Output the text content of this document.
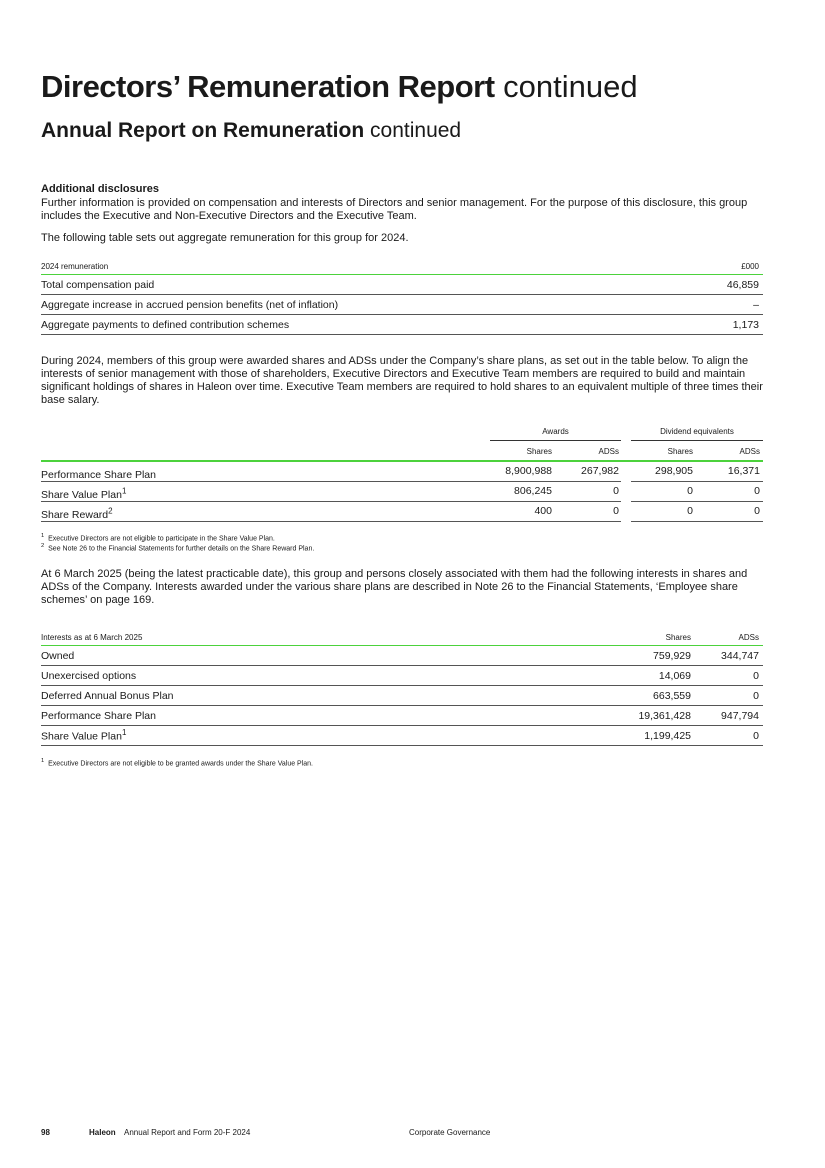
Directors’ Remuneration Report continued
Annual Report on Remuneration continued
Additional disclosures
Further information is provided on compensation and interests of Directors and senior management. For the purpose of this disclosure, this group includes the Executive and Non-Executive Directors and the Executive Team.
The following table sets out aggregate remuneration for this group for 2024.
2024 remuneration	£000
Total compensation paid	46,859
Aggregate increase in accrued pension benefits (net of inflation)	–
Aggregate payments to defined contribution schemes	1,173
During 2024, members of this group were awarded shares and ADSs under the Company’s share plans, as set out in the table below. To align the interests of senior management with those of shareholders, Executive Directors and Executive Team members are required to build and maintain significant holdings of shares in Haleon over time. Executive Team members are required to hold shares to an equivalent multiple of three times their base salary.
Awards	Dividend equivalents
Shares	ADSs	Shares	ADSs
Performance Share Plan	8,900,988	267,982	298,905	16,371
Share Value Plan$^1$	806,245	0	0	0
Share Reward$^2$	400	0	0	0
$^1$ Executive Directors are not eligible to participate in the Share Value Plan.
$^2$ See Note 26 to the Financial Statements for further details on the Share Reward Plan.
At 6 March 2025 (being the latest practicable date), this group and persons closely associated with them had the following interests in shares and ADSs of the Company. Interests awarded under the various share plans are described in Note 26 to the Financial Statements, ‘Employee share schemes’ on page 169.
Interests as at 6 March 2025	Shares	ADSs
Owned	759,929	344,747
Unexercised options	14,069	0
Deferred Annual Bonus Plan	663,559	0
Performance Share Plan	19,361,428	947,794
Share Value Plan$^1$	1,199,425	0
$^1$ Executive Directors are not eligible to be granted awards under the Share Value Plan.
98	Haleon Annual Report and Form 20-F 2024	Corporate Governance
